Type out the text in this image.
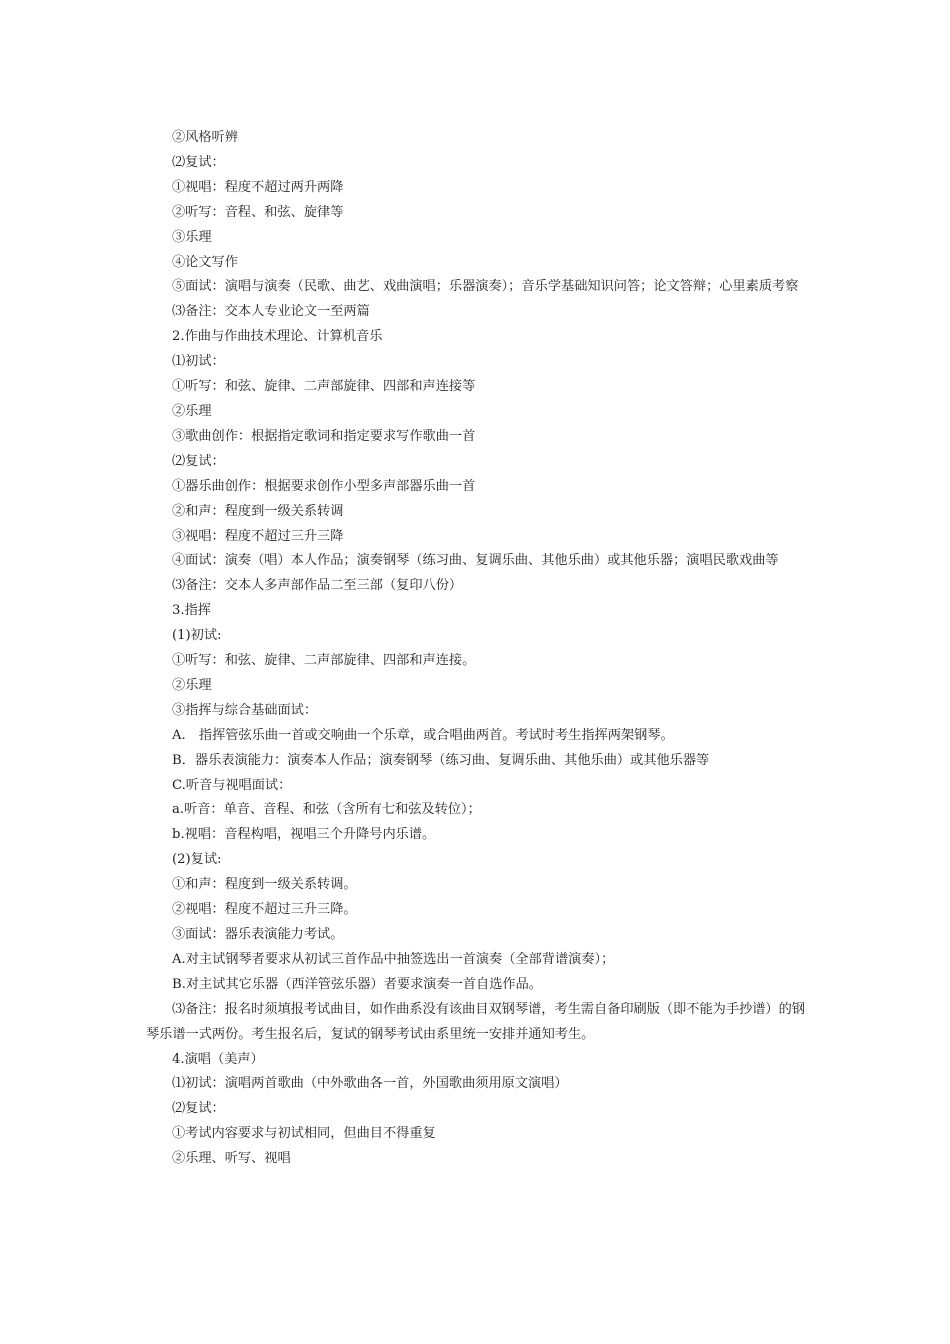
②风格听辨

⑵复试：

①视唱：程度不超过两升两降

②听写：音程、和弦、旋律等

③乐理

④论文写作

⑤面试：演唱与演奏（民歌、曲艺、戏曲演唱；乐器演奏）；音乐学基础知识问答；论文答辩；心里素质考察

⑶备注：交本人专业论文一至两篇

2.作曲与作曲技术理论、计算机音乐

⑴初试：

①听写：和弦、旋律、二声部旋律、四部和声连接等

②乐理

③歌曲创作：根据指定歌词和指定要求写作歌曲一首

⑵复试：

①器乐曲创作：根据要求创作小型多声部器乐曲一首

②和声：程度到一级关系转调

③视唱：程度不超过三升三降

④面试：演奏（唱）本人作品；演奏钢琴（练习曲、复调乐曲、其他乐曲）或其他乐器；演唱民歌戏曲等

⑶备注：交本人多声部作品二至三部（复印八份）

3.指挥

(1)初试:

①听写：和弦、旋律、二声部旋律、四部和声连接。

②乐理

③指挥与综合基础面试：

A.　指挥管弦乐曲一首或交响曲一个乐章，或合唱曲两首。考试时考生指挥两架钢琴。

B．器乐表演能力：演奏本人作品；演奏钢琴（练习曲、复调乐曲、其他乐曲）或其他乐器等

C.听音与视唱面试：

a.听音：单音、音程、和弦（含所有七和弦及转位）；

b.视唱：音程构唱，视唱三个升降号内乐谱。

(2)复试:

①和声：程度到一级关系转调。

②视唱：程度不超过三升三降。

③面试：器乐表演能力考试。

A.对主试钢琴者要求从初试三首作品中抽签选出一首演奏（全部背谱演奏）；

B.对主试其它乐器（西洋管弦乐器）者要求演奏一首自选作品。

⑶备注：报名时须填报考试曲目，如作曲系没有该曲目双钢琴谱，考生需自备印刷版（即不能为手抄谱）的钢琴乐谱一式两份。考生报名后，复试的钢琴考试由系里统一安排并通知考生。

4.演唱（美声）

⑴初试：演唱两首歌曲（中外歌曲各一首，外国歌曲须用原文演唱）

⑵复试：

①考试内容要求与初试相同，但曲目不得重复

②乐理、听写、视唱
